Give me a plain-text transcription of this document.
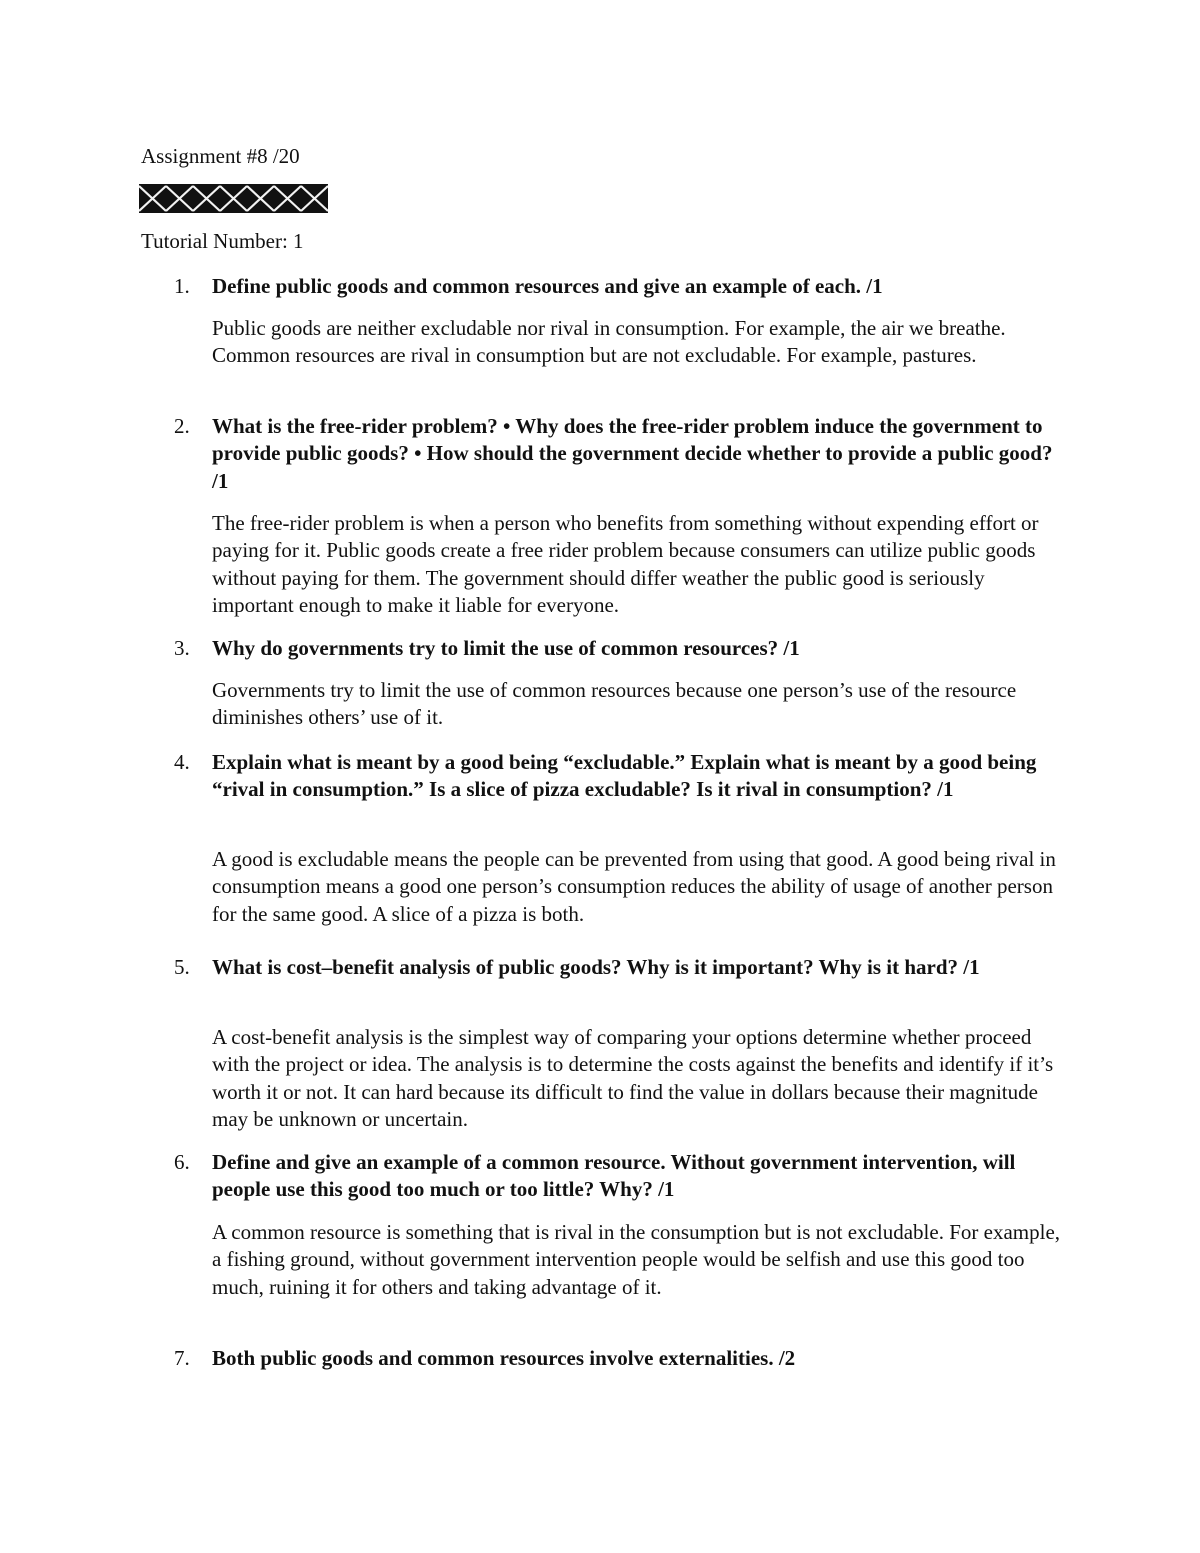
Assignment #8 /20
Tutorial Number: 1
1. Define public goods and common resources and give an example of each. /1
Public goods are neither excludable nor rival in consumption. For example, the air we breathe. Common resources are rival in consumption but are not excludable. For example, pastures.
2. What is the free-rider problem? • Why does the free-rider problem induce the government to provide public goods? • How should the government decide whether to provide a public good? /1
The free-rider problem is when a person who benefits from something without expending effort or paying for it. Public goods create a free rider problem because consumers can utilize public goods without paying for them. The government should differ weather the public good is seriously important enough to make it liable for everyone.
3. Why do governments try to limit the use of common resources? /1
Governments try to limit the use of common resources because one person’s use of the resource diminishes others’ use of it.
4. Explain what is meant by a good being “excludable.” Explain what is meant by a good being “rival in consumption.” Is a slice of pizza excludable? Is it rival in consumption? /1
A good is excludable means the people can be prevented from using that good. A good being rival in consumption means a good one person’s consumption reduces the ability of usage of another person for the same good. A slice of a pizza is both.
5. What is cost–benefit analysis of public goods? Why is it important? Why is it hard? /1
A cost-benefit analysis is the simplest way of comparing your options determine whether proceed with the project or idea. The analysis is to determine the costs against the benefits and identify if it’s worth it or not. It can hard because its difficult to find the value in dollars because their magnitude may be unknown or uncertain.
6. Define and give an example of a common resource. Without government intervention, will people use this good too much or too little? Why? /1
A common resource is something that is rival in the consumption but is not excludable. For example, a fishing ground, without government intervention people would be selfish and use this good too much, ruining it for others and taking advantage of it.
7. Both public goods and common resources involve externalities. /2
